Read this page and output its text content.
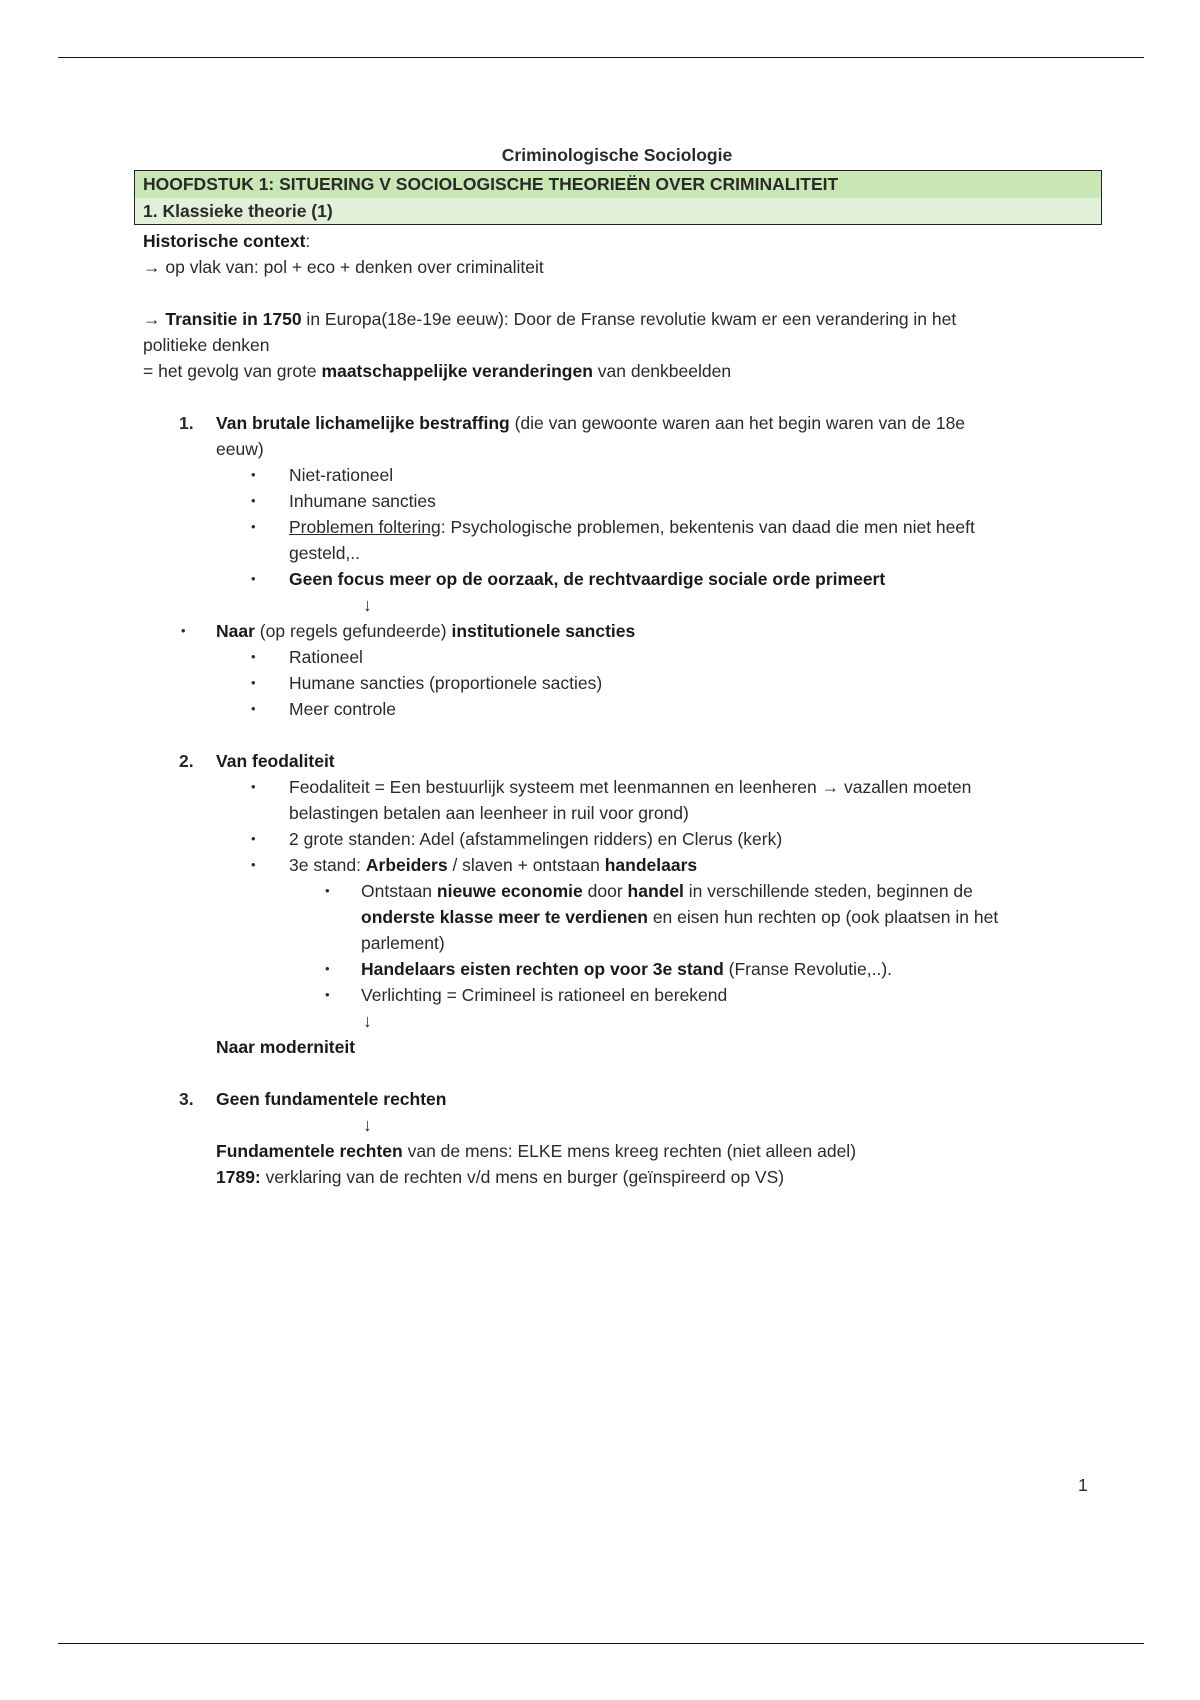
Criminologische Sociologie
HOOFDSTUK 1: SITUERING V SOCIOLOGISCHE THEORIEËN OVER CRIMINALITEIT
1. Klassieke theorie (1)
Historische context:
→ op vlak van: pol + eco + denken over criminaliteit
→ Transitie in 1750 in Europa(18e-19e eeuw): Door de Franse revolutie kwam er een verandering in het
politieke denken
= het gevolg van grote maatschappelijke veranderingen van denkbeelden
1. Van brutale lichamelijke bestraffing (die van gewoonte waren aan het begin waren van de 18e
eeuw)
• Niet-rationeel
• Inhumane sancties
• Problemen foltering: Psychologische problemen, bekentenis van daad die men niet heeft
gesteld,..
• Geen focus meer op de oorzaak, de rechtvaardige sociale orde primeert
↓
• Naar (op regels gefundeerde) institutionele sancties
• Rationeel
• Humane sancties (proportionele sacties)
• Meer controle
2. Van feodaliteit
• Feodaliteit = Een bestuurlijk systeem met leenmannen en leenheren → vazallen moeten
belastingen betalen aan leenheer in ruil voor grond)
• 2 grote standen: Adel (afstammelingen ridders) en Clerus (kerk)
• 3e stand: Arbeiders / slaven + ontstaan handelaars
• Ontstaan nieuwe economie door handel in verschillende steden, beginnen de
onderste klasse meer te verdienen en eisen hun rechten op (ook plaatsen in het
parlement)
• Handelaars eisten rechten op voor 3e stand (Franse Revolutie,..).
• Verlichting = Crimineel is rationeel en berekend
↓
Naar moderniteit
3. Geen fundamentele rechten
↓
Fundamentele rechten van de mens: ELKE mens kreeg rechten (niet alleen adel)
1789: verklaring van de rechten v/d mens en burger (geïnspireerd op VS)
1
